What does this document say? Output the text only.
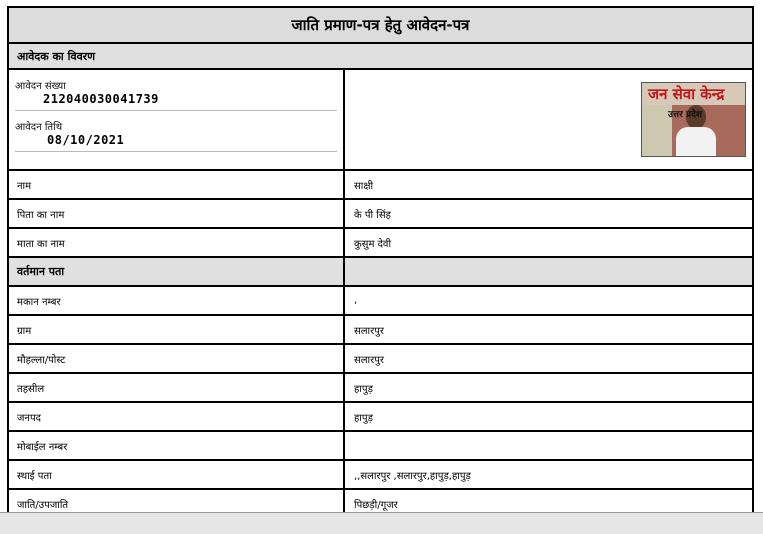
जाति प्रमाण-पत्र हेतु आवेदन-पत्र
आवेदक का विवरण
आवेदन संख्या
212040030041739
आवेदन तिथि
08/10/2021
जन सेवा केन्द्र
उत्तर प्रदेश
नाम	साक्षी
पिता का नाम	के पी सिंह
माता का नाम	कुसुम देवी
वर्तमान पता
मकान नम्बर	,
ग्राम	सलारपुर
मौहल्ला/पोस्ट	सलारपुर
तहसील	हापुड़
जनपद	हापुड़
मोबाईल नम्बर
स्थाई पता	,,सलारपुर ,सलारपुर,हापुड़,हापुड़
जाति/उपजाति	पिछड़ी/गूजर
